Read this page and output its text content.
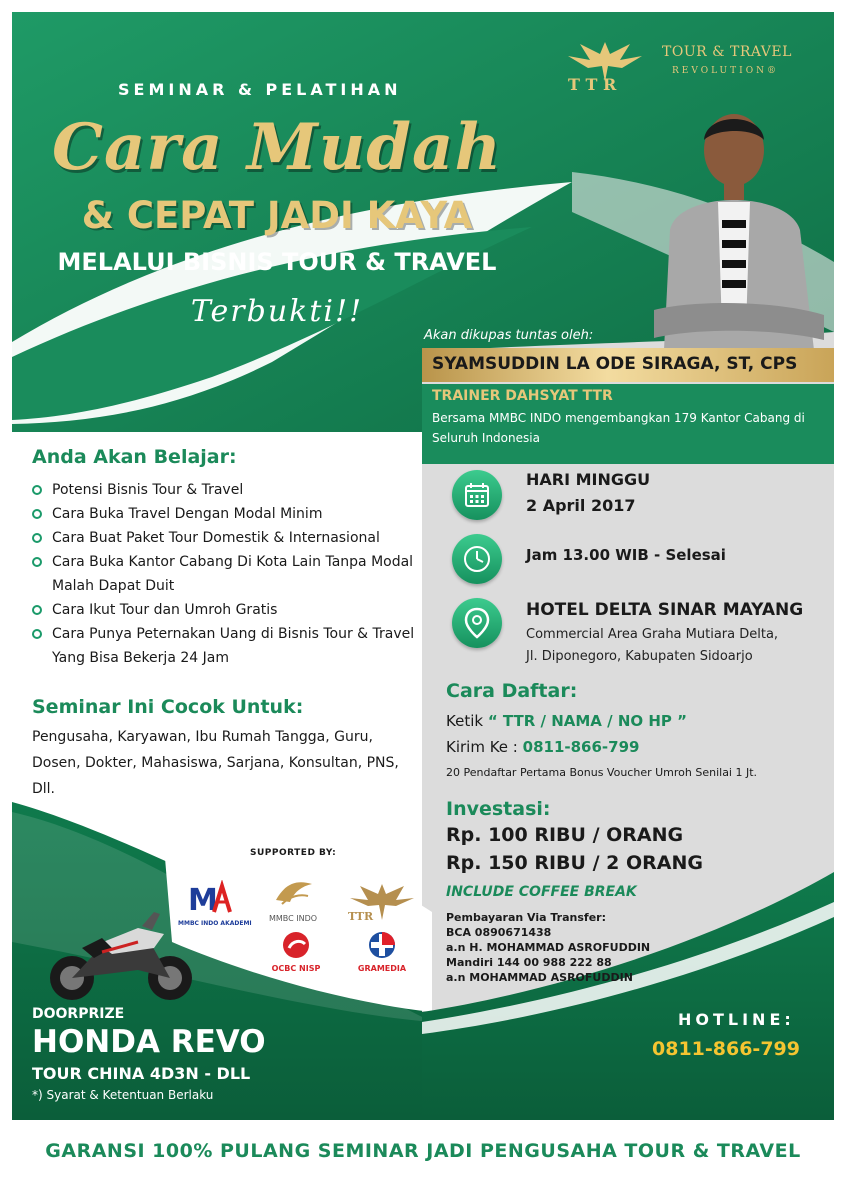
SEMINAR & PELATIHAN
Cara Mudah
& CEPAT JADI KAYA
MELALUI BISNIS TOUR & TRAVEL
Terbukti!!
T T R
TOUR & TRAVEL
REVOLUTION®
Akan dikupas tuntas oleh:
SYAMSUDDIN LA ODE SIRAGA, ST, CPS
TRAINER DAHSYAT TTR
Bersama MMBC INDO mengembangkan 179 Kantor Cabang di Seluruh Indonesia
Anda Akan Belajar:
Potensi Bisnis Tour & Travel
Cara Buka Travel Dengan Modal Minim
Cara Buat Paket Tour Domestik & Internasional
Cara Buka Kantor Cabang Di Kota Lain Tanpa Modal Malah Dapat Duit
Cara Ikut Tour dan Umroh Gratis
Cara Punya Peternakan Uang di Bisnis Tour & Travel Yang Bisa Bekerja 24 Jam
Seminar Ini Cocok Untuk:
Pengusaha, Karyawan, Ibu Rumah Tangga, Guru, Dosen, Dokter, Mahasiswa, Sarjana, Konsultan, PNS, Dll.
HARI MINGGU
2 April 2017
Jam 13.00 WIB - Selesai
HOTEL DELTA SINAR MAYANG
Commercial Area Graha Mutiara Delta,
Jl. Diponegoro, Kabupaten Sidoarjo
Cara Daftar:
Ketik “ TTR / NAMA / NO HP ”
Kirim Ke : 0811-866-799
20 Pendaftar Pertama Bonus Voucher Umroh Senilai 1 Jt.
Investasi:
Rp. 100 RIBU / ORANG
Rp. 150 RIBU / 2 ORANG
INCLUDE COFFEE BREAK
Pembayaran Via Transfer:
BCA 0890671438
a.n H. MOHAMMAD ASROFUDDIN
Mandiri 144 00 988 222 88
a.n MOHAMMAD ASROFUDDIN
HOTLINE:
0811-866-799
SUPPORTED BY:
M
MMBC INDO AKADEMI
MMBC INDO	TTR
OCBC NISP	GRAMEDIA
DOORPRIZE
HONDA REVO
TOUR CHINA 4D3N - DLL
*) Syarat & Ketentuan Berlaku
GARANSI 100% PULANG SEMINAR JADI PENGUSAHA TOUR & TRAVEL
